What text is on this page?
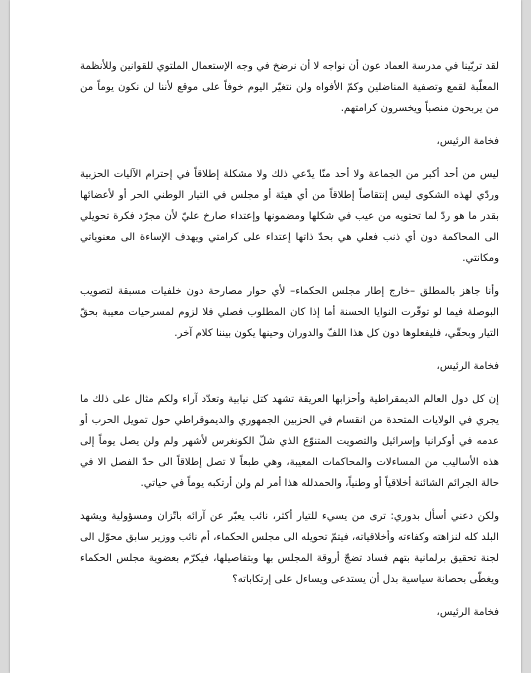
لقد تربّينا في مدرسة العماد عون أن نواجه لا أن نرضخ في وجه الإستعمال الملتوي للقوانين وللأنظمة المعلّبة لقمع وتصفية المناضلين وكمّ الأفواه ولن نتغيّر اليوم خوفاً على موقع لأننا لن نكون يوماً من من يربحون منصباً ويخسرون كرامتهم.

فخامة الرئيس،

ليس من أحد أكبر من الجماعة ولا أحد منّا يدّعي ذلك ولا مشكلة إطلاقاً في إحترام الآليات الحزبية وردّي لهذه الشكوى ليس إنتقاصاً إطلاقاً من أي هيئة أو مجلس في التيار الوطني الحر أو لأعضائها بقدر ما هو ردّ لما تحتويه من عيب في شكلها ومضمونها وإعتداء صارخ عليّ لأن مجرّد فكرة تحويلي الى المحاكمة دون أي ذنب فعلي هي بحدّ ذاتها إعتداء على كرامتي ويهدف الإساءة الى معنوياتي ومكانتي.

وأنا جاهز بالمطلق –خارج إطار مجلس الحكماء– لأي حوار مصارحة دون خلفيات مسبقة لتصويب البوصلة فيما لو توفّرت النوايا الحسنة أما إذا كان المطلوب فصلي فلا لزوم لمسرحيات معيبة بحقّ التيار وبحقّي، فليفعلوها دون كل هذا اللفّ والدوران وحينها يكون بيننا كلام آخر.

فخامة الرئيس،

إن كل دول العالم الديمقراطية وأحزابها العريقة تشهد كتل نيابية وتعدّد آراء ولكم مثال على ذلك ما يجري في الولايات المتحدة من انقسام في الحزبين الجمهوري والديموقراطي حول تمويل الحرب أو عدمه في أوكرانيا وإسرائيل والتصويت المتنوّع الذي شلّ الكونغرس لأشهر ولم ولن يصل يوماً إلى هذه الأساليب من المساءلات والمحاكمات المعيبة، وهي طبعاً لا تصل إطلاقاً الى حدّ الفصل الا في حالة الجرائم الشائنة أخلاقياً أو وطنياً، والحمدلله هذا أمر لم ولن أرتكبه يوماً في حياتي.

ولكن دعني أسأل بدوري: ترى من يسيء للتيار أكثر، نائب يعبّر عن آرائه باتّزان ومسؤولية ويشهد البلد كله لنزاهته وكفاءته وأخلاقياته، فيتمّ تحويله الى مجلس الحكماء، أم نائب ووزير سابق محوّل الى لجنة تحقيق برلمانية بتهم فساد تضجّ أروقة المجلس بها وبتفاصيلها، فيكرّم بعضوية مجلس الحكماء ويغطّى بحصانة سياسية بدل أن يستدعى ويساءل على إرتكاباته؟

فخامة الرئيس،
